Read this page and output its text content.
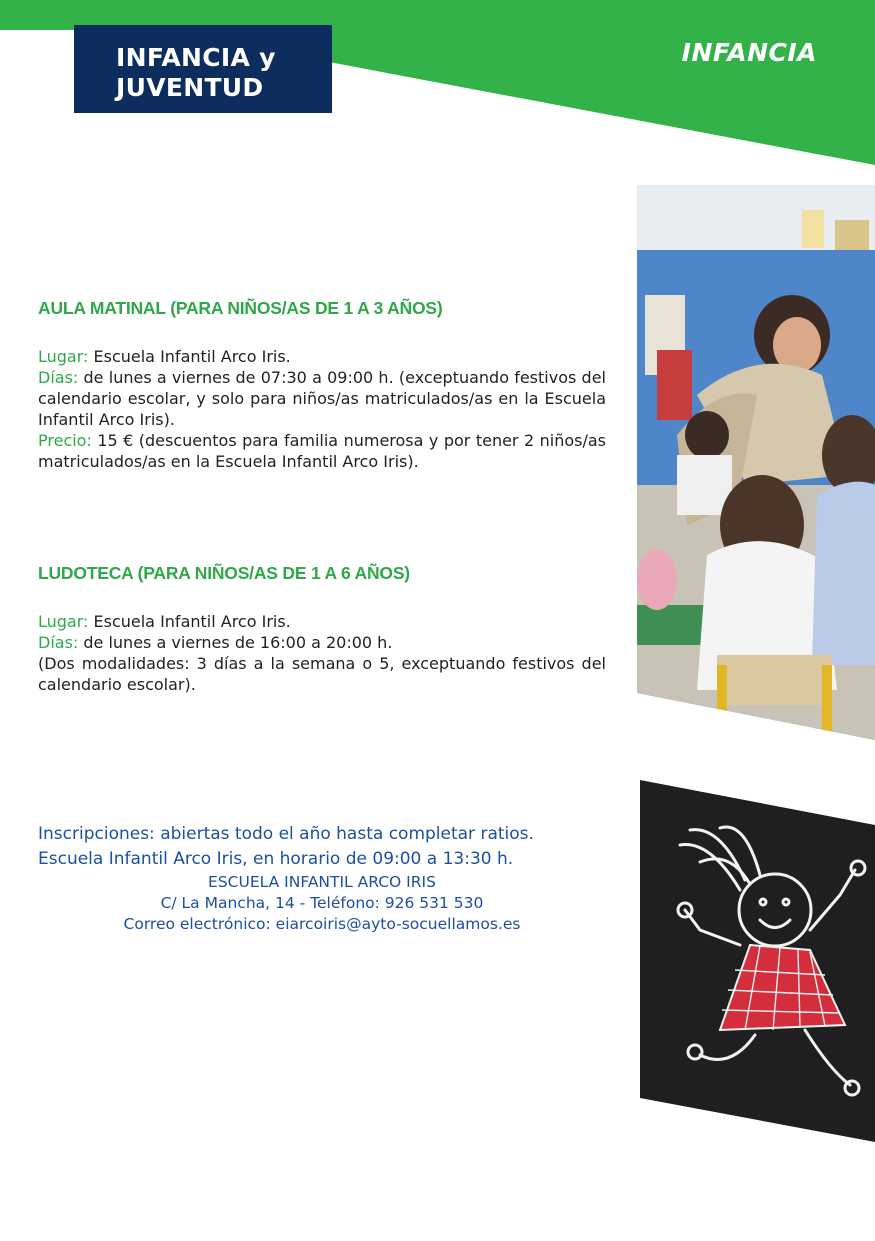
INFANCIA y
JUVENTUD
INFANCIA
AULA MATINAL (PARA NIÑOS/AS DE 1 A 3 AÑOS)

Lugar: Escuela Infantil Arco Iris.

Días: de lunes a viernes de 07:30 a 09:00 h. (exceptuando festivos del calendario escolar, y solo para niños/as matriculados/as en la Escuela Infantil Arco Iris).

Precio: 15 € (descuentos para familia numerosa y por tener 2 niños/as matriculados/as en la Escuela Infantil Arco Iris).

LUDOTECA (PARA NIÑOS/AS DE 1 A 6 AÑOS)

Lugar: Escuela Infantil Arco Iris.

Días: de lunes a viernes de 16:00 a 20:00 h.

(Dos modalidades: 3 días a la semana o 5, exceptuando festivos del calendario escolar).

Inscripciones: abiertas todo el año hasta completar ratios.
Escuela Infantil Arco Iris, en horario de 09:00 a 13:30 h.
ESCUELA INFANTIL ARCO IRIS
C/ La Mancha, 14 - Teléfono: 926 531 530
Correo electrónico: eiarcoiris@ayto-socuellamos.es
